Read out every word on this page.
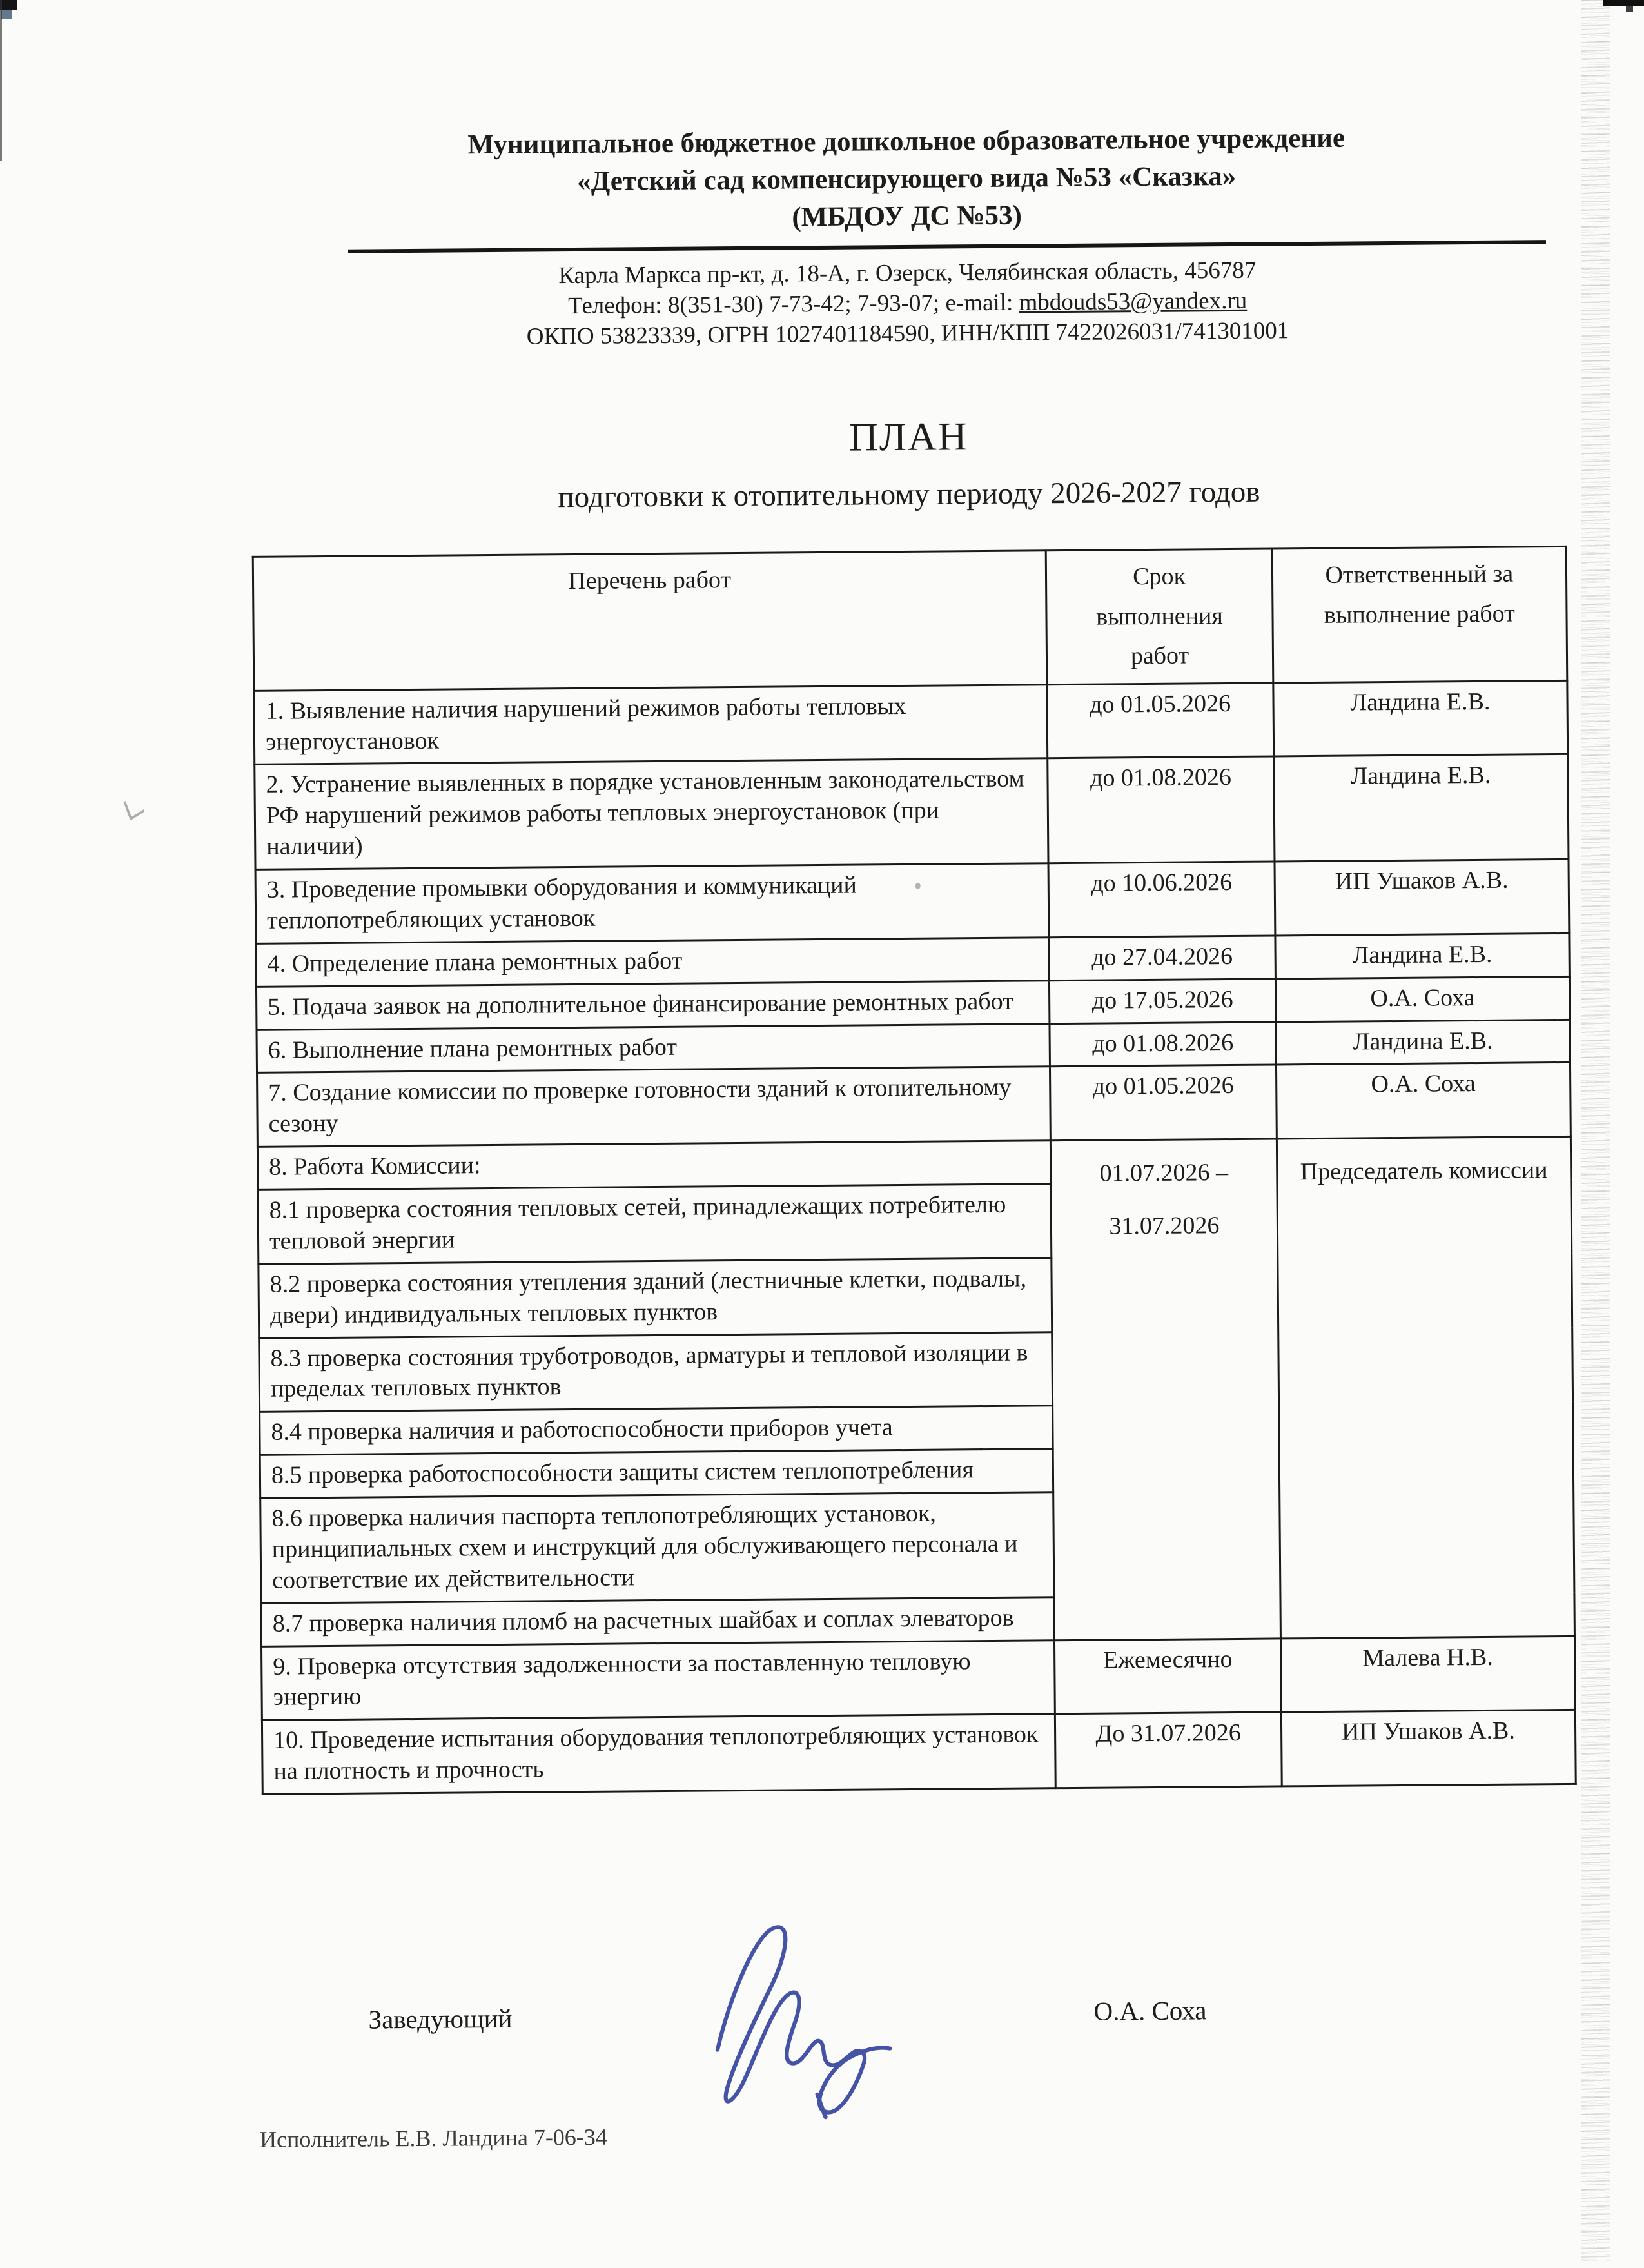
Муниципальное бюджетное дошкольное образовательное учреждение
«Детский сад компенсирующего вида №53 «Сказка»
(МБДОУ ДС №53)
Карла Маркса пр-кт, д. 18-А, г. Озерск, Челябинская область, 456787
Телефон: 8(351-30) 7-73-42; 7-93-07; e-mail: mbdouds53@yandex.ru
ОКПО 53823339, ОГРН 1027401184590, ИНН/КПП 7422026031/741301001
ПЛАН
подготовки к отопительному периоду 2026-2027 годов
Перечень работ	Срок выполнения работ	Ответственный за выполнение работ
1. Выявление наличия нарушений режимов работы тепловых энергоустановок	до 01.05.2026	Ландина Е.В.
2. Устранение выявленных в порядке установленным законодательством РФ нарушений режимов работы тепловых энергоустановок (при наличии)	до 01.08.2026	Ландина Е.В.
3. Проведение промывки оборудования и коммуникаций теплопотребляющих установок	до 10.06.2026	ИП Ушаков А.В.
4. Определение плана ремонтных работ	до 27.04.2026	Ландина Е.В.
5. Подача заявок на дополнительное финансирование ремонтных работ	до 17.05.2026	О.А. Соха
6. Выполнение плана ремонтных работ	до 01.08.2026	Ландина Е.В.
7. Создание комиссии по проверке готовности зданий к отопительному сезону	до 01.05.2026	О.А. Соха
8. Работа Комиссии:	01.07.2026 – 31.07.2026	Председатель комиссии
8.1 проверка состояния тепловых сетей, принадлежащих потребителю тепловой энергии		
8.2 проверка состояния утепления зданий (лестничные клетки, подвалы, двери) индивидуальных тепловых пунктов		
8.3 проверка состояния труботроводов, арматуры и тепловой изоляции в пределах тепловых пунктов		
8.4 проверка наличия и работоспособности приборов учета		
8.5 проверка работоспособности защиты систем теплопотребления		
8.6 проверка наличия паспорта теплопотребляющих установок, принципиальных схем и инструкций для обслуживающего персонала и соответствие их действительности		
8.7 проверка наличия пломб на расчетных шайбах и соплах элеваторов		
9. Проверка отсутствия задолженности за поставленную тепловую энергию	Ежемесячно	Малева Н.В.
10. Проведение испытания оборудования теплопотребляющих установок на плотность и прочность	До 31.07.2026	ИП Ушаков А.В.
Заведующий	О.А. Соха
Исполнитель Е.В. Ландина 7-06-34
